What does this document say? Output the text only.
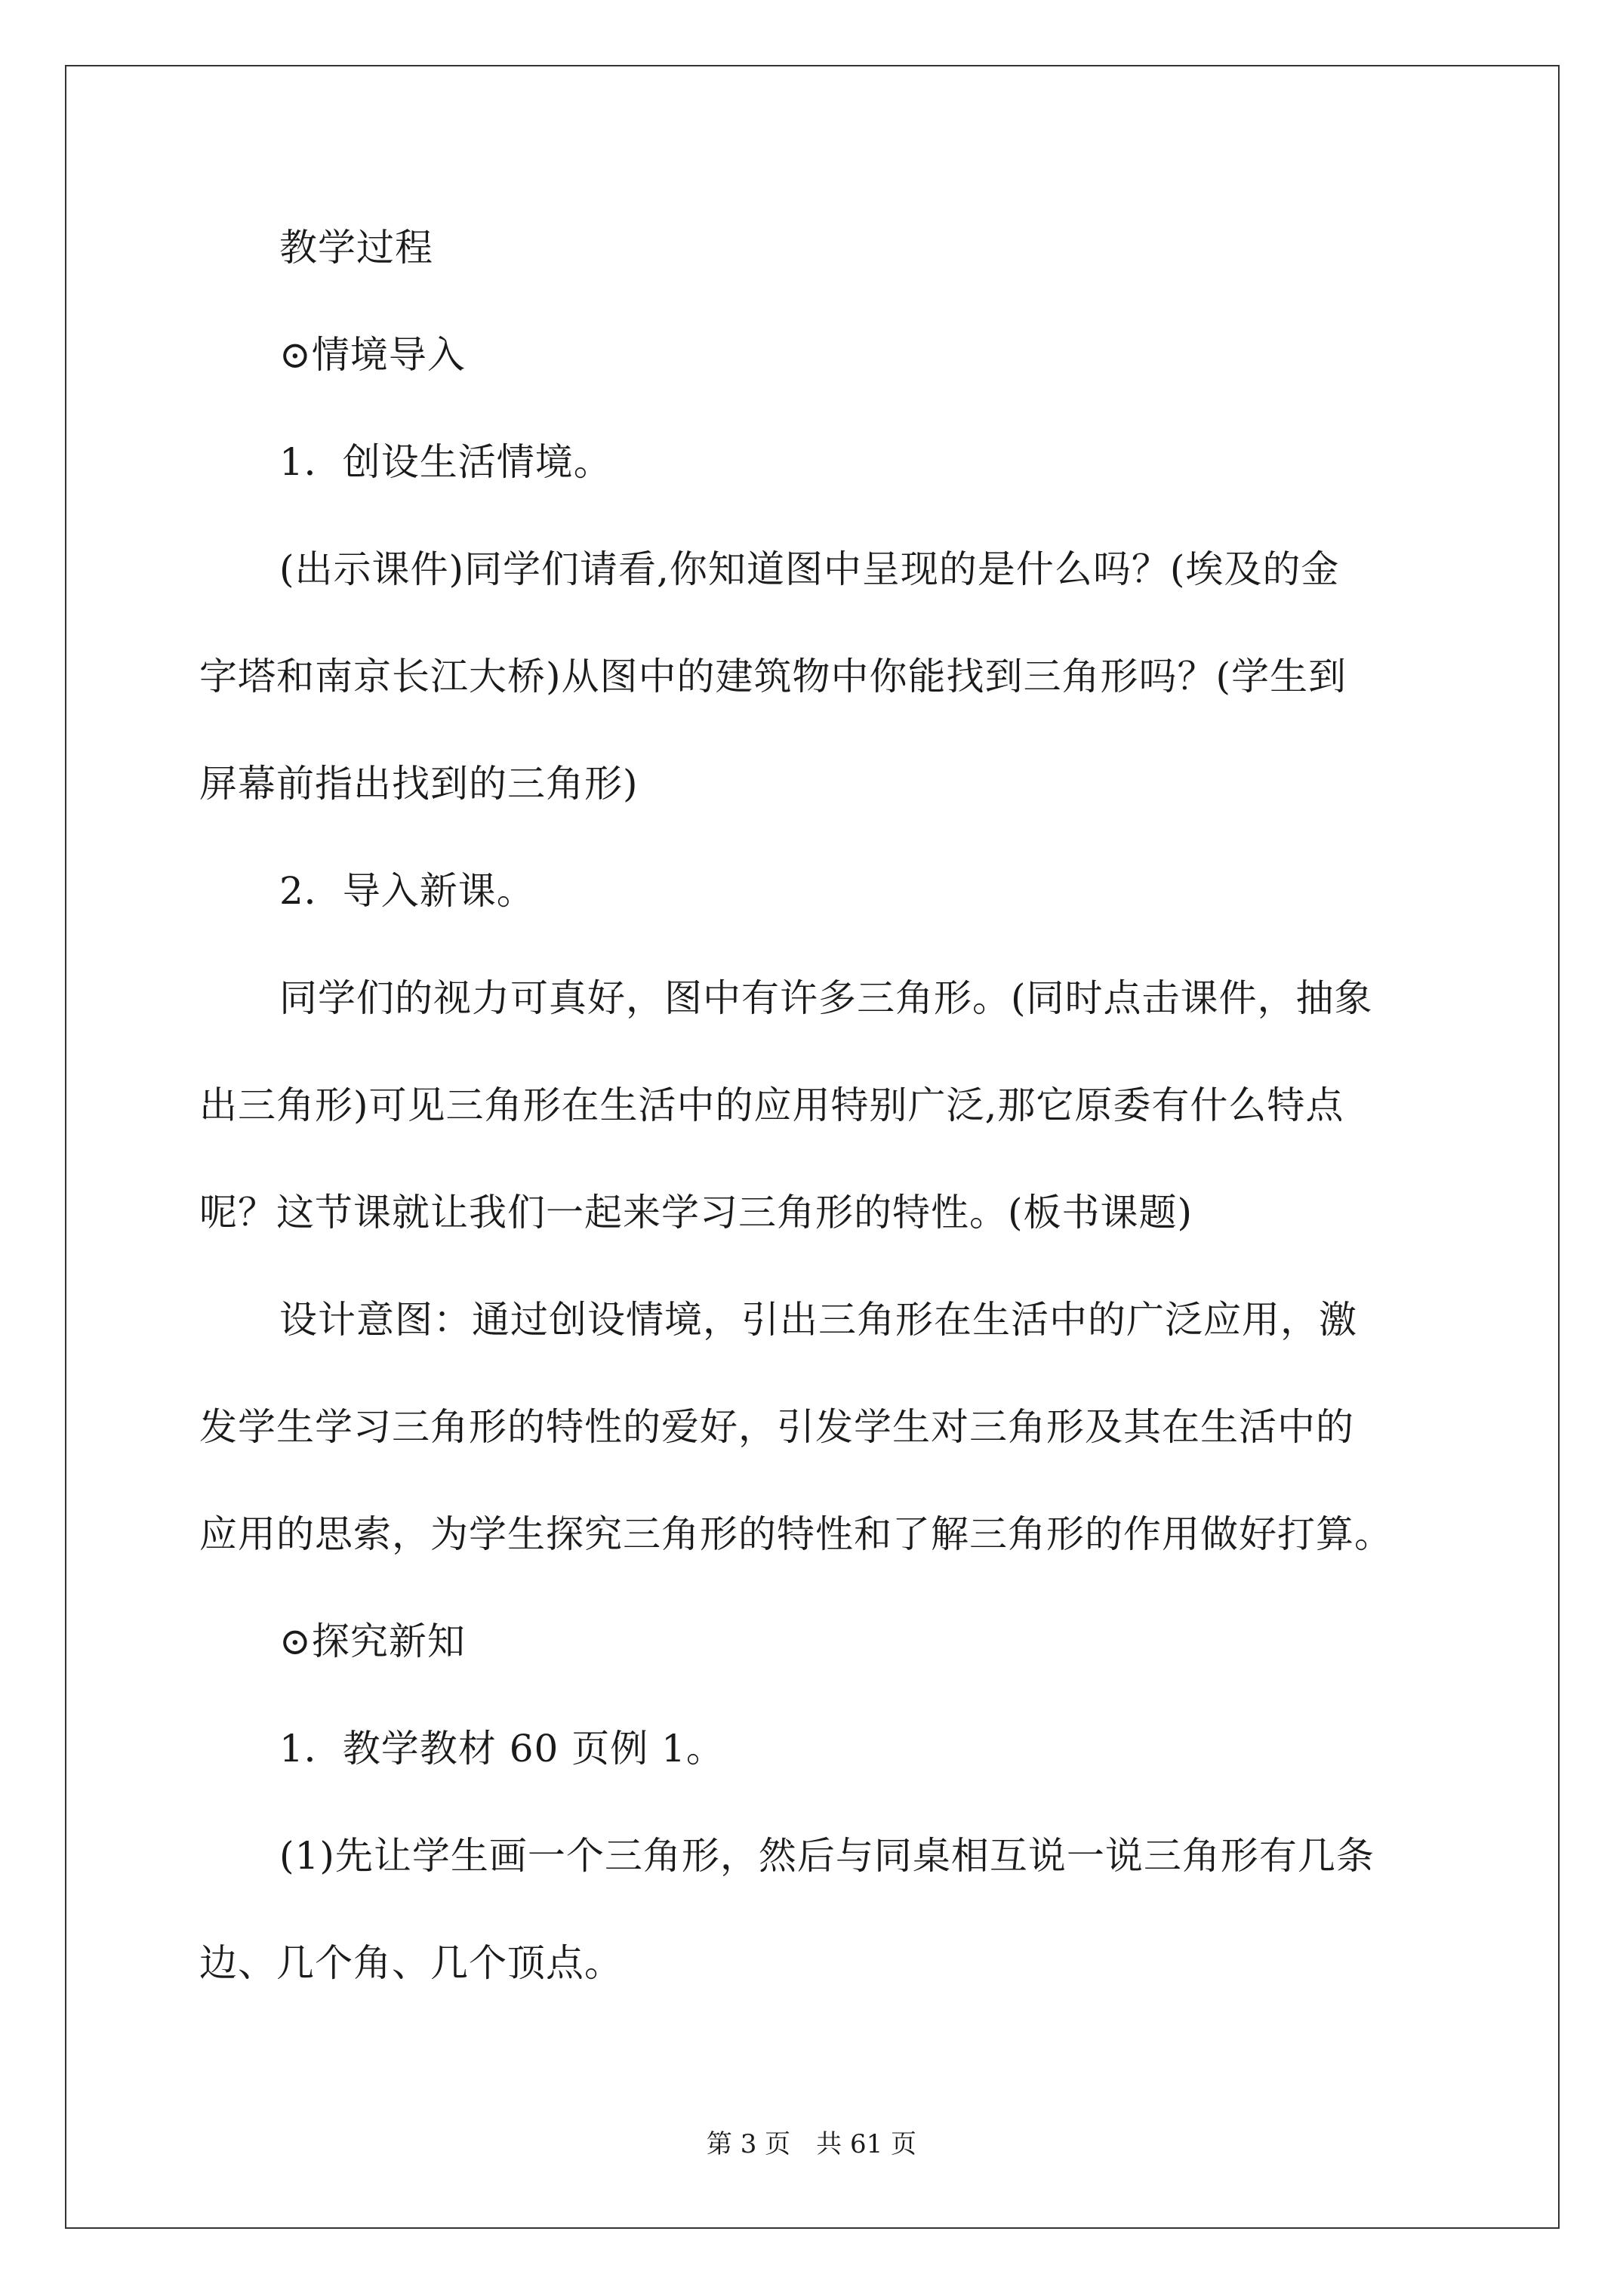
教学过程

⊙情境导入

1．创设生活情境。

(出示课件)同学们请看,你知道图中呈现的是什么吗？(埃及的金

字塔和南京长江大桥)从图中的建筑物中你能找到三角形吗？(学生到

屏幕前指出找到的三角形)

2．导入新课。

同学们的视力可真好，图中有许多三角形。(同时点击课件，抽象

出三角形)可见三角形在生活中的应用特别广泛,那它原委有什么特点

呢？这节课就让我们一起来学习三角形的特性。(板书课题)

设计意图：通过创设情境，引出三角形在生活中的广泛应用，激

发学生学习三角形的特性的爱好，引发学生对三角形及其在生活中的

应用的思索，为学生探究三角形的特性和了解三角形的作用做好打算。

⊙探究新知

1．教学教材 60 页例 1。

(1)先让学生画一个三角形，然后与同桌相互说一说三角形有几条

边、几个角、几个顶点。

第 3 页　共 61 页
